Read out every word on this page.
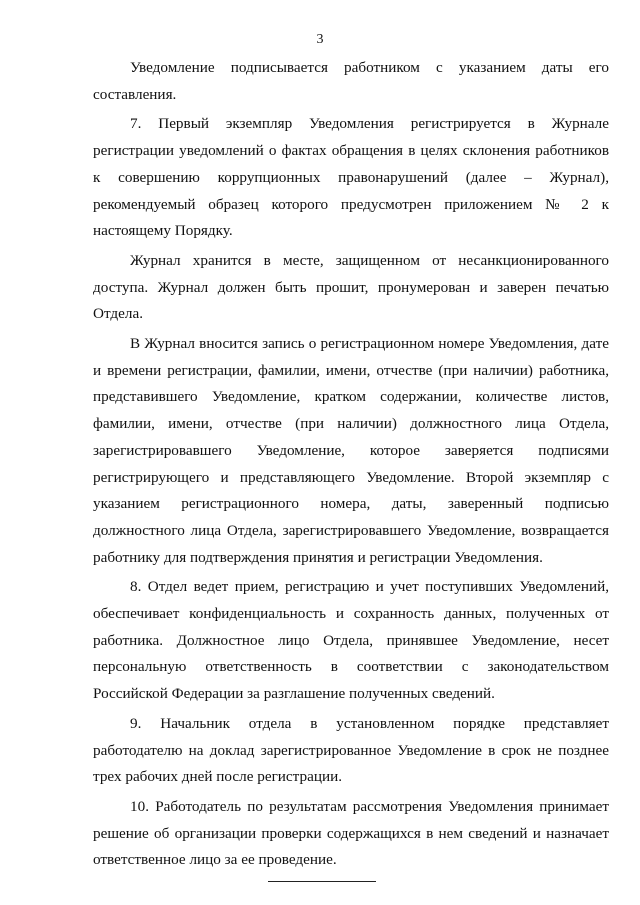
3

Уведомление подписывается работником с указанием даты его составления.

7. Первый экземпляр Уведомления регистрируется в Журнале регистрации уведомлений о фактах обращения в целях склонения работников к совершению коррупционных правонарушений (далее – Журнал), рекомендуемый образец которого предусмотрен приложением № 2 к настоящему Порядку.

Журнал хранится в месте, защищенном от несанкционированного доступа. Журнал должен быть прошит, пронумерован и заверен печатью Отдела.

В Журнал вносится запись о регистрационном номере Уведомления, дате и времени регистрации, фамилии, имени, отчестве (при наличии) работника, представившего Уведомление, кратком содержании, количестве листов, фамилии, имени, отчестве (при наличии) должностного лица Отдела, зарегистрировавшего Уведомление, которое заверяется подписями регистрирующего и представляющего Уведомление. Второй экземпляр с указанием регистрационного номера, даты, заверенный подписью должностного лица Отдела, зарегистрировавшего Уведомление, возвращается работнику для подтверждения принятия и регистрации Уведомления.

8. Отдел ведет прием, регистрацию и учет поступивших Уведомлений, обеспечивает конфиденциальность и сохранность данных, полученных от работника. Должностное лицо Отдела, принявшее Уведомление, несет персональную ответственность в соответствии с законодательством Российской Федерации за разглашение полученных сведений.

9. Начальник отдела в установленном порядке представляет работодателю на доклад зарегистрированное Уведомление в срок не позднее трех рабочих дней после регистрации.

10. Работодатель по результатам рассмотрения Уведомления принимает решение об организации проверки содержащихся в нем сведений и назначает ответственное лицо за ее проведение.
